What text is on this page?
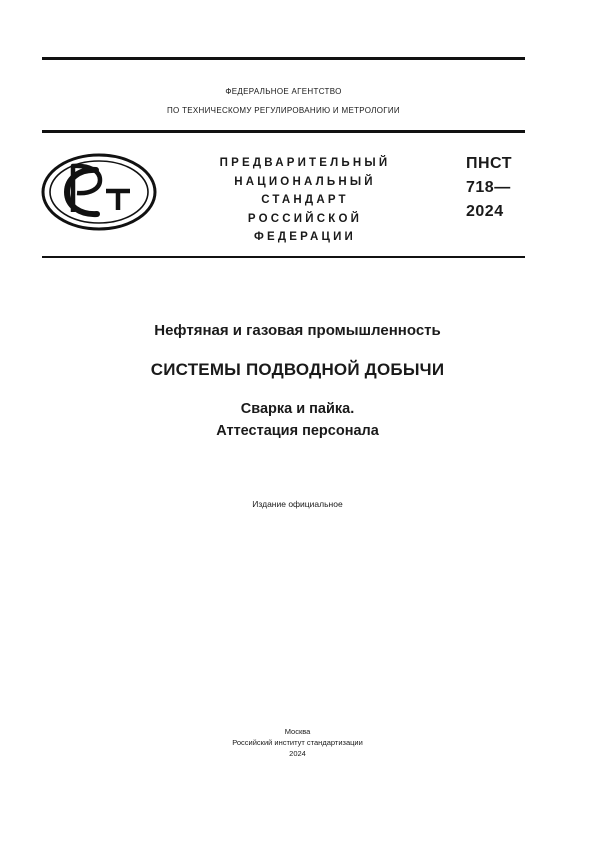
ФЕДЕРАЛЬНОЕ АГЕНТСТВО
ПО ТЕХНИЧЕСКОМУ РЕГУЛИРОВАНИЮ И МЕТРОЛОГИИ
ПРЕДВАРИТЕЛЬНЫЙ
НАЦИОНАЛЬНЫЙ
СТАНДАРТ
РОССИЙСКОЙ
ФЕДЕРАЦИИ
ПНСТ
718—
2024
Нефтяная и газовая промышленность
СИСТЕМЫ ПОДВОДНОЙ ДОБЫЧИ
Сварка и пайка.
Аттестация персонала
Издание официальное
Москва
Российский институт стандартизации
2024
